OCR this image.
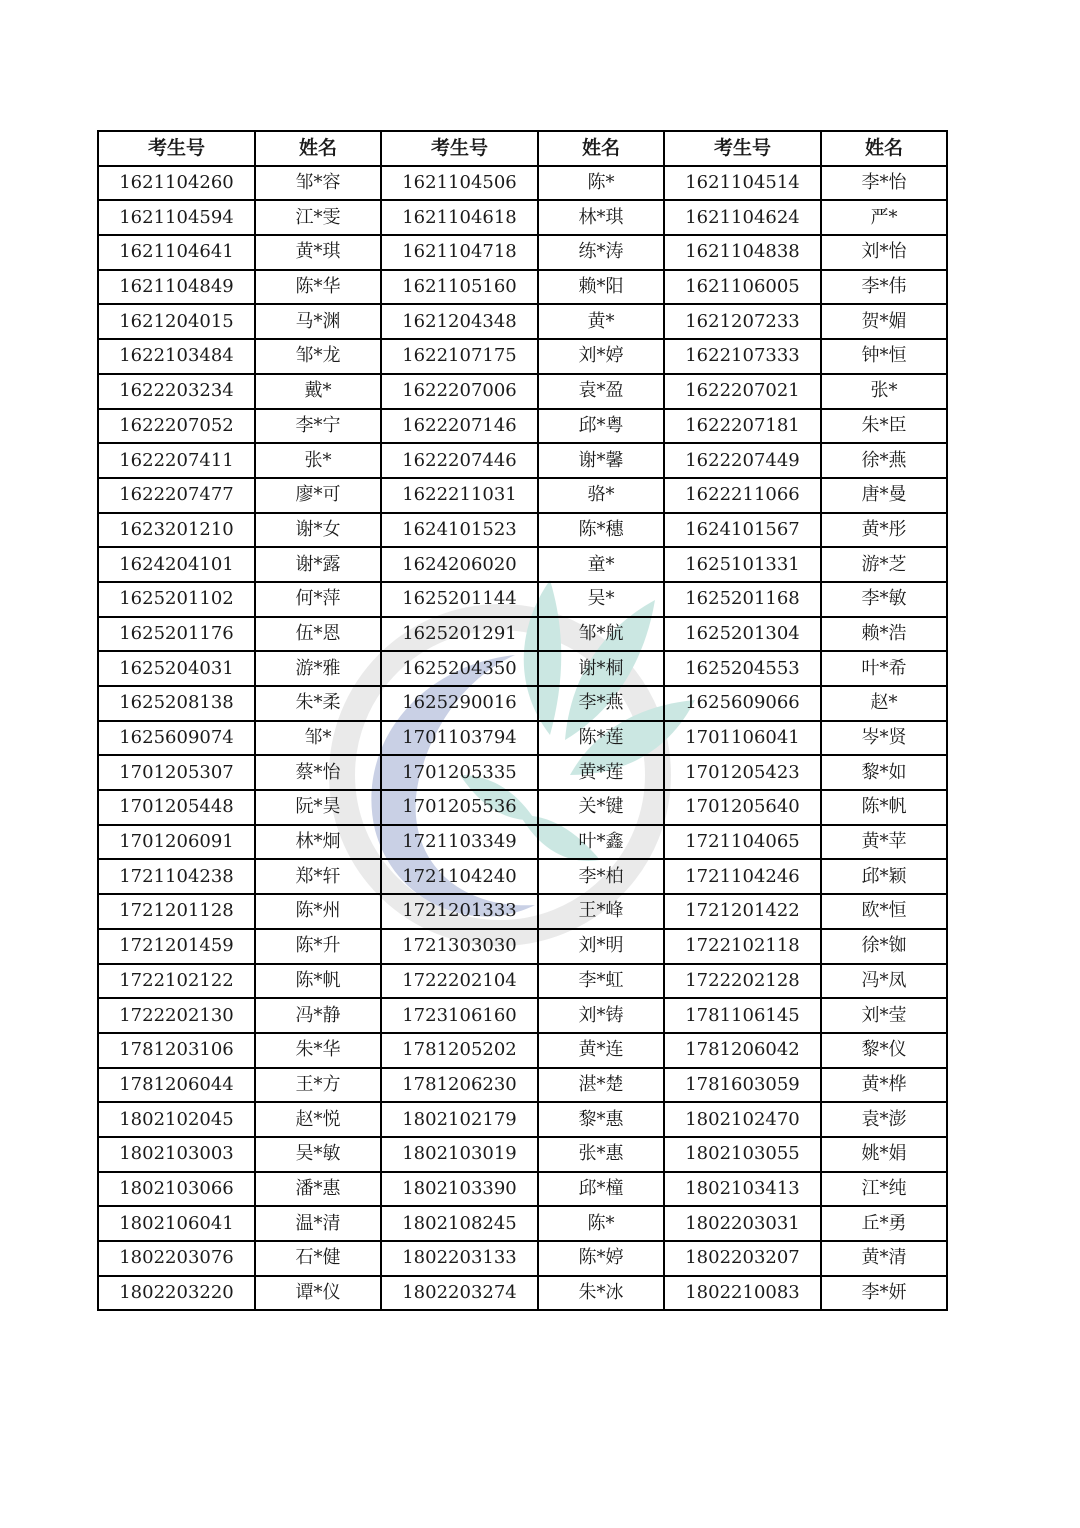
考生号	姓名	考生号	姓名	考生号	姓名
1621104260	邹*容	1621104506	陈*	1621104514	李*怡
1621104594	江*雯	1621104618	林*琪	1621104624	严*
1621104641	黄*琪	1621104718	练*涛	1621104838	刘*怡
1621104849	陈*华	1621105160	赖*阳	1621106005	李*伟
1621204015	马*渊	1621204348	黄*	1621207233	贺*媚
1622103484	邹*龙	1622107175	刘*婷	1622107333	钟*恒
1622203234	戴*	1622207006	袁*盈	1622207021	张*
1622207052	李*宁	1622207146	邱*粤	1622207181	朱*臣
1622207411	张*	1622207446	谢*馨	1622207449	徐*燕
1622207477	廖*可	1622211031	骆*	1622211066	唐*曼
1623201210	谢*女	1624101523	陈*穗	1624101567	黄*彤
1624204101	谢*露	1624206020	童*	1625101331	游*芝
1625201102	何*萍	1625201144	吴*	1625201168	李*敏
1625201176	伍*恩	1625201291	邹*航	1625201304	赖*浩
1625204031	游*雅	1625204350	谢*桐	1625204553	叶*希
1625208138	朱*柔	1625290016	李*燕	1625609066	赵*
1625609074	邹*	1701103794	陈*莲	1701106041	岑*贤
1701205307	蔡*怡	1701205335	黄*莲	1701205423	黎*如
1701205448	阮*昊	1701205536	关*键	1701205640	陈*帆
1701206091	林*炯	1721103349	叶*鑫	1721104065	黄*苹
1721104238	郑*轩	1721104240	李*柏	1721104246	邱*颖
1721201128	陈*州	1721201333	王*峰	1721201422	欧*恒
1721201459	陈*升	1721303030	刘*明	1722102118	徐*铷
1722102122	陈*帆	1722202104	李*虹	1722202128	冯*凤
1722202130	冯*静	1723106160	刘*铸	1781106145	刘*莹
1781203106	朱*华	1781205202	黄*连	1781206042	黎*仪
1781206044	王*方	1781206230	湛*楚	1781603059	黄*桦
1802102045	赵*悦	1802102179	黎*惠	1802102470	袁*澎
1802103003	吴*敏	1802103019	张*惠	1802103055	姚*娟
1802103066	潘*惠	1802103390	邱*橦	1802103413	江*纯
1802106041	温*清	1802108245	陈*	1802203031	丘*勇
1802203076	石*健	1802203133	陈*婷	1802203207	黄*清
1802203220	谭*仪	1802203274	朱*冰	1802210083	李*妍
